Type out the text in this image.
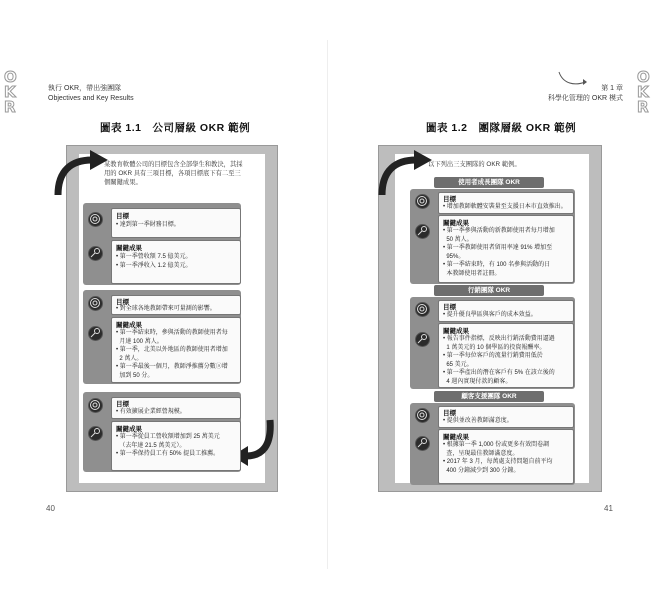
O
K
R
執行 OKR，帶出強團隊
Objectives and Key Results
圖表 1.1　公司層級 OKR 範例
某教育軟體公司的目標包含全部學生和教決，其採
用的 OKR 具有三項目標，各項目標底下有二至三
個關鍵成果。
目標
• 達到第一季財務目標。
關鍵成果
• 第一季營收額 7.5 億美元。
• 第一季淨收入 1.2 億美元。
目標
• 對全球各地教師帶來可量測的影響。
關鍵成果
• 第一季結束時，參與活動的教師使用者每
月達 100 萬人。
• 第一季，北美以外地區的教師使用者增加
2 萬人。
• 第一季最後一個月，教師淨推薦分數ⓐ增
加到 50 分。
目標
• 有效擴展企業經營規模。
關鍵成果
• 第一季從員工營收額增加到 25 萬美元
（去年達 21.5 萬美元）。
• 第一季保持員工有 50% 提員工推薦。
40
O
K
R
第 1 章
科學化管理的 OKR 模式
圖表 1.2　團隊層級 OKR 範例
以下列出三支團隊的 OKR 範例。
使用者成長團隊 OKR
目標
• 增加教師軟體安裝量至支援日本市直效推出。
關鍵成果
• 第一季參與活動的新教師使用者每月增加
50 萬人。
• 第一季教師使用者留用率達 91% 增加至
95%。
• 第一季結束時，有 100 名參與活動的日
本教師使用者註冊。
行銷團隊 OKR
目標
• 提升優良學區與客戶的成本效益。
關鍵成果
• 報告事件指標，反映出行銷活動費用逼過
1 萬美元的 10 個學區的投資報酬率。
• 第一季每位客戶的流量行銷費用低於
65 美元。
• 第一季產出的潛在客戶有 5% 在該立後的
4 週內實現付款的顧客。
顧客支援團隊 OKR
目標
• 提供並改善教師滿意度。
關鍵成果
• 根據第一季 1,000 份或更多有效問卷調
查，呈現最佳教師滿意度。
• 2017 年 3 月，每萬處支持問題自前平均
400 分鐘減少到 300 分鐘。
41
